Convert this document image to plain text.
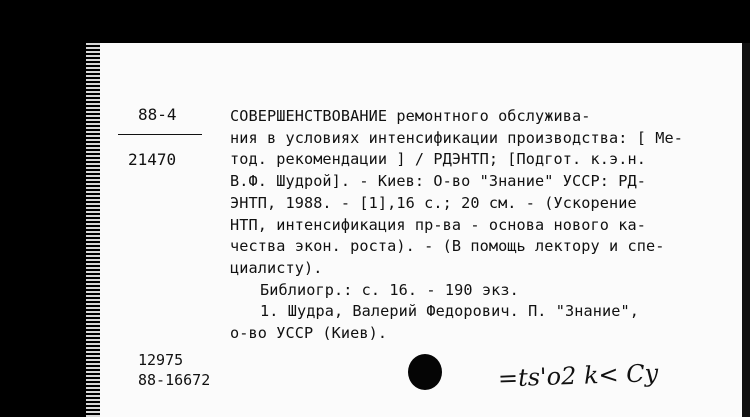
88-4
21470

СОВЕРШЕНСТВОВАНИЕ ремонтного обслужива-

ния в условиях интенсификации производства: [ Ме-

тод. рекомендации ] / РДЭНТП; [Подгот. к.э.н.

В.Ф. Шудрой]. - Киев: О-во "Знание" УССР: РД-

ЭНТП, 1988. - [1],16 с.; 20 см. - (Ускорение

НТП, интенсификация пр-ва - основа нового ка-

чества экон. роста). - (В помощь лектору и спе-

циалисту).

Библиогр.: с. 16. - 190 экз.

1. Шудра, Валерий Федорович. П. "Знание",

о-во УССР (Киев).

12975
88-16672	=ts'o2 k< Cy
